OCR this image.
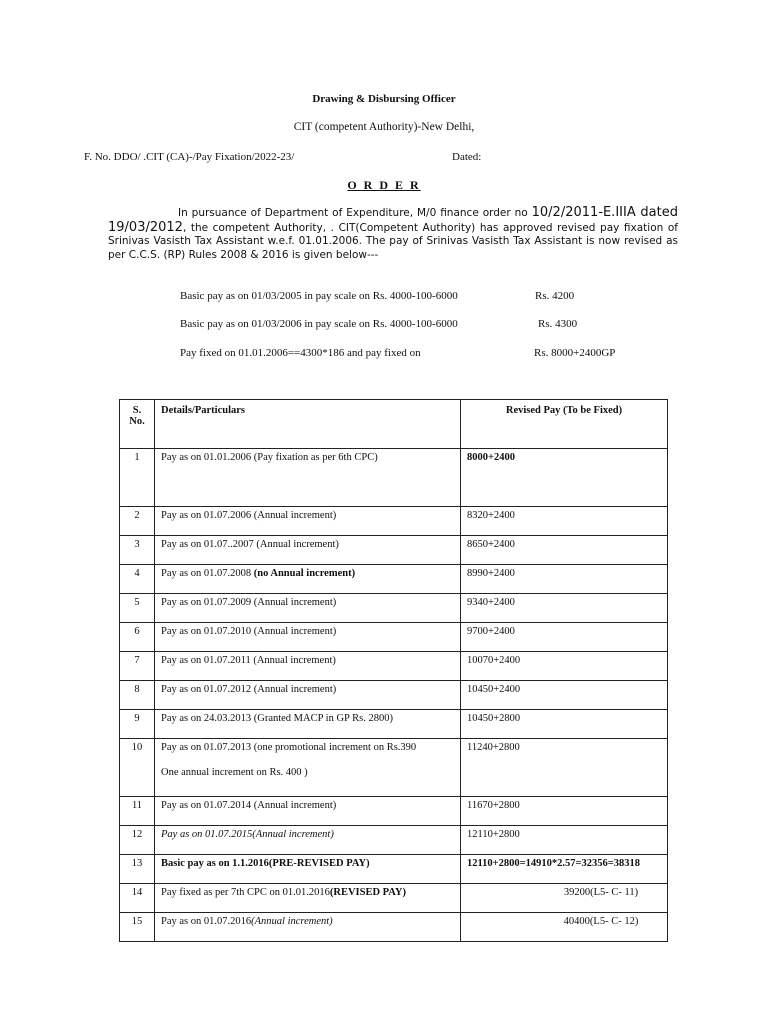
Drawing & Disbursing Officer
CIT (competent Authority)-New Delhi,
F. No. DDO/ .CIT (CA)-/Pay Fixation/2022-23/	Dated:
O R D E R
In pursuance of Department of Expenditure, M/0 finance order no 10/2/2011-E.IIIA dated 19/03/2012, the competent Authority, . CIT(Competent Authority) has approved revised pay fixation of Srinivas Vasisth Tax Assistant w.e.f. 01.01.2006. The pay of Srinivas Vasisth Tax Assistant is now revised as per C.C.S. (RP) Rules 2008 & 2016 is given below---
Basic pay as on 01/03/2005 in pay scale on Rs. 4000-100-6000	Rs. 4200
Basic pay as on 01/03/2006 in pay scale on Rs. 4000-100-6000	Rs. 4300
Pay fixed on 01.01.2006==4300*186 and pay fixed on	Rs. 8000+2400GP
S. No.	Details/Particulars	Revised Pay (To be Fixed)
1	Pay as on 01.01.2006 (Pay fixation as per 6th CPC)	8000+2400
2	Pay as on 01.07.2006 (Annual increment)	8320+2400
3	Pay as on 01.07..2007 (Annual increment)	8650+2400
4	Pay as on 01.07.2008 (no Annual increment)	8990+2400
5	Pay as on 01.07.2009 (Annual increment)	9340+2400
6	Pay as on 01.07.2010 (Annual increment)	9700+2400
7	Pay as on 01.07.2011 (Annual increment)	10070+2400
8	Pay as on 01.07.2012 (Annual increment)	10450+2400
9	Pay as on 24.03.2013 (Granted MACP in GP Rs. 2800)	10450+2800
10	Pay as on 01.07.2013 (one promotional increment on Rs.390
One annual increment on Rs. 400 )	11240+2800
11	Pay as on 01.07.2014 (Annual increment)	11670+2800
12	Pay as on 01.07.2015(Annual increment)	12110+2800
13	Basic pay as on 1.1.2016(PRE-REVISED PAY)	12110+2800=14910*2.57=32356=38318
14	Pay fixed as per 7th CPC on 01.01.2016(REVISED PAY)	39200(L5- C- 11)
15	Pay as on 01.07.2016(Annual increment)	40400(L5- C- 12)
